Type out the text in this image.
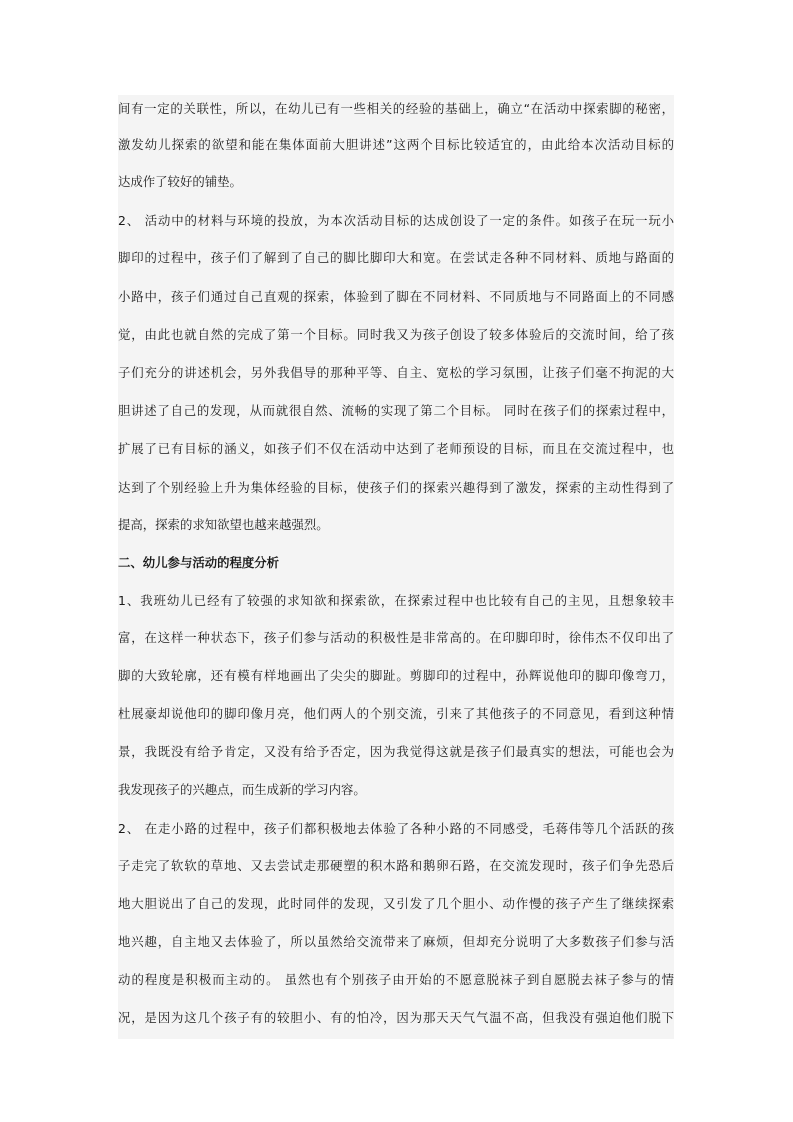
间有一定的关联性，所以，在幼儿已有一些相关的经验的基础上，确立“在活动中探索脚的秘密，
激发幼儿探索的欲望和能在集体面前大胆讲述”这两个目标比较适宜的，由此给本次活动目标的
达成作了较好的铺垫。
2、 活动中的材料与环境的投放，为本次活动目标的达成创设了一定的条件。如孩子在玩一玩小
脚印的过程中，孩子们了解到了自己的脚比脚印大和宽。在尝试走各种不同材料、质地与路面的
小路中，孩子们通过自己直观的探索，体验到了脚在不同材料、不同质地与不同路面上的不同感
觉，由此也就自然的完成了第一个目标。同时我又为孩子创设了较多体验后的交流时间，给了孩
子们充分的讲述机会，另外我倡导的那种平等、自主、宽松的学习氛围，让孩子们毫不拘泥的大
胆讲述了自己的发现，从而就很自然、流畅的实现了第二个目标。 同时在孩子们的探索过程中，
扩展了已有目标的涵义，如孩子们不仅在活动中达到了老师预设的目标，而且在交流过程中，也
达到了个别经验上升为集体经验的目标，使孩子们的探索兴趣得到了激发，探索的主动性得到了
提高，探索的求知欲望也越来越强烈。
二、幼儿参与活动的程度分析
1、我班幼儿已经有了较强的求知欲和探索欲，在探索过程中也比较有自己的主见，且想象较丰
富，在这样一种状态下，孩子们参与活动的积极性是非常高的。在印脚印时，徐伟杰不仅印出了
脚的大致轮廓，还有模有样地画出了尖尖的脚趾。剪脚印的过程中，孙辉说他印的脚印像弯刀，
杜展豪却说他印的脚印像月亮，他们两人的个别交流，引来了其他孩子的不同意见，看到这种情
景，我既没有给予肯定，又没有给予否定，因为我觉得这就是孩子们最真实的想法，可能也会为
我发现孩子的兴趣点，而生成新的学习内容。
2、 在走小路的过程中，孩子们都积极地去体验了各种小路的不同感受，毛蒋伟等几个活跃的孩
子走完了软软的草地、又去尝试走那硬塑的积木路和鹅卵石路，在交流发现时，孩子们争先恐后
地大胆说出了自己的发现，此时同伴的发现，又引发了几个胆小、动作慢的孩子产生了继续探索
地兴趣，自主地又去体验了，所以虽然给交流带来了麻烦，但却充分说明了大多数孩子们参与活
动的程度是积极而主动的。 虽然也有个别孩子由开始的不愿意脱袜子到自愿脱去袜子参与的情
况，是因为这几个孩子有的较胆小、有的怕冷，因为那天天气气温不高，但我没有强迫他们脱下
